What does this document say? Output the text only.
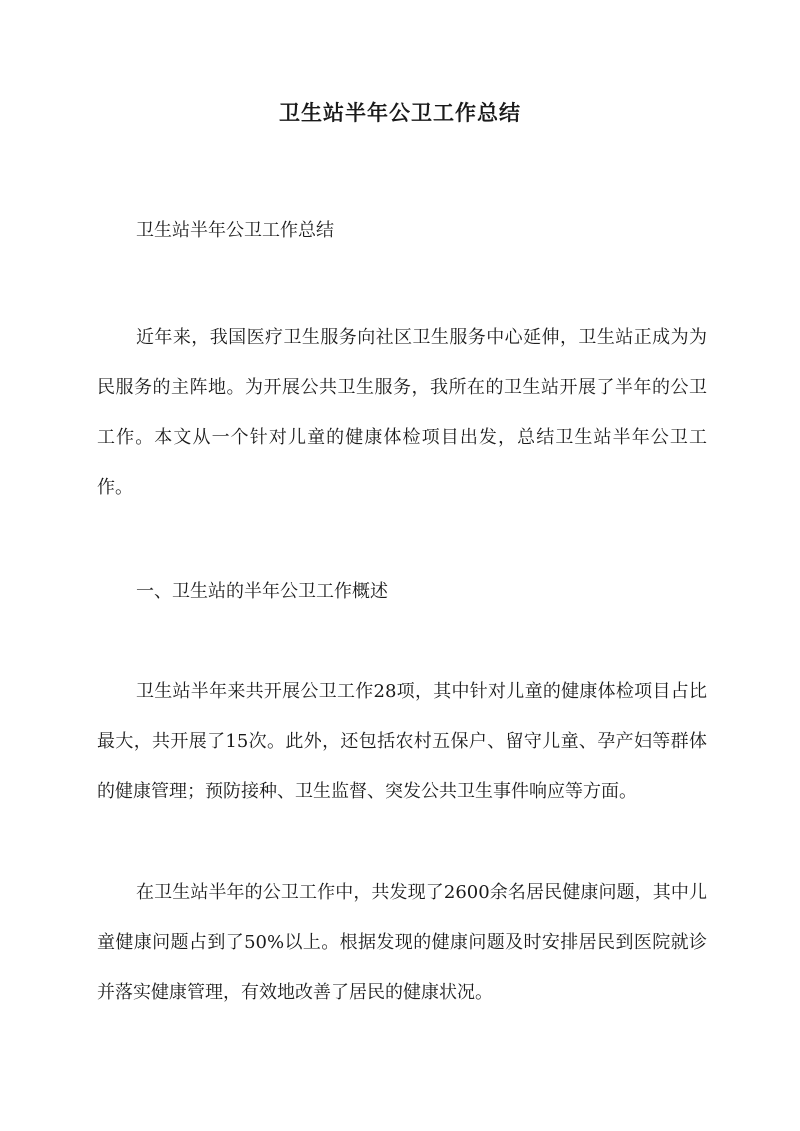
卫生站半年公卫工作总结
卫生站半年公卫工作总结

近年来，我国医疗卫生服务向社区卫生服务中心延伸，卫生站正成为为民服务的主阵地。为开展公共卫生服务，我所在的卫生站开展了半年的公卫工作。本文从一个针对儿童的健康体检项目出发，总结卫生站半年公卫工作。

一、卫生站的半年公卫工作概述

卫生站半年来共开展公卫工作28项，其中针对儿童的健康体检项目占比最大，共开展了15次。此外，还包括农村五保户、留守儿童、孕产妇等群体的健康管理；预防接种、卫生监督、突发公共卫生事件响应等方面。

在卫生站半年的公卫工作中，共发现了2600余名居民健康问题，其中儿童健康问题占到了50%以上。根据发现的健康问题及时安排居民到医院就诊并落实健康管理，有效地改善了居民的健康状况。
